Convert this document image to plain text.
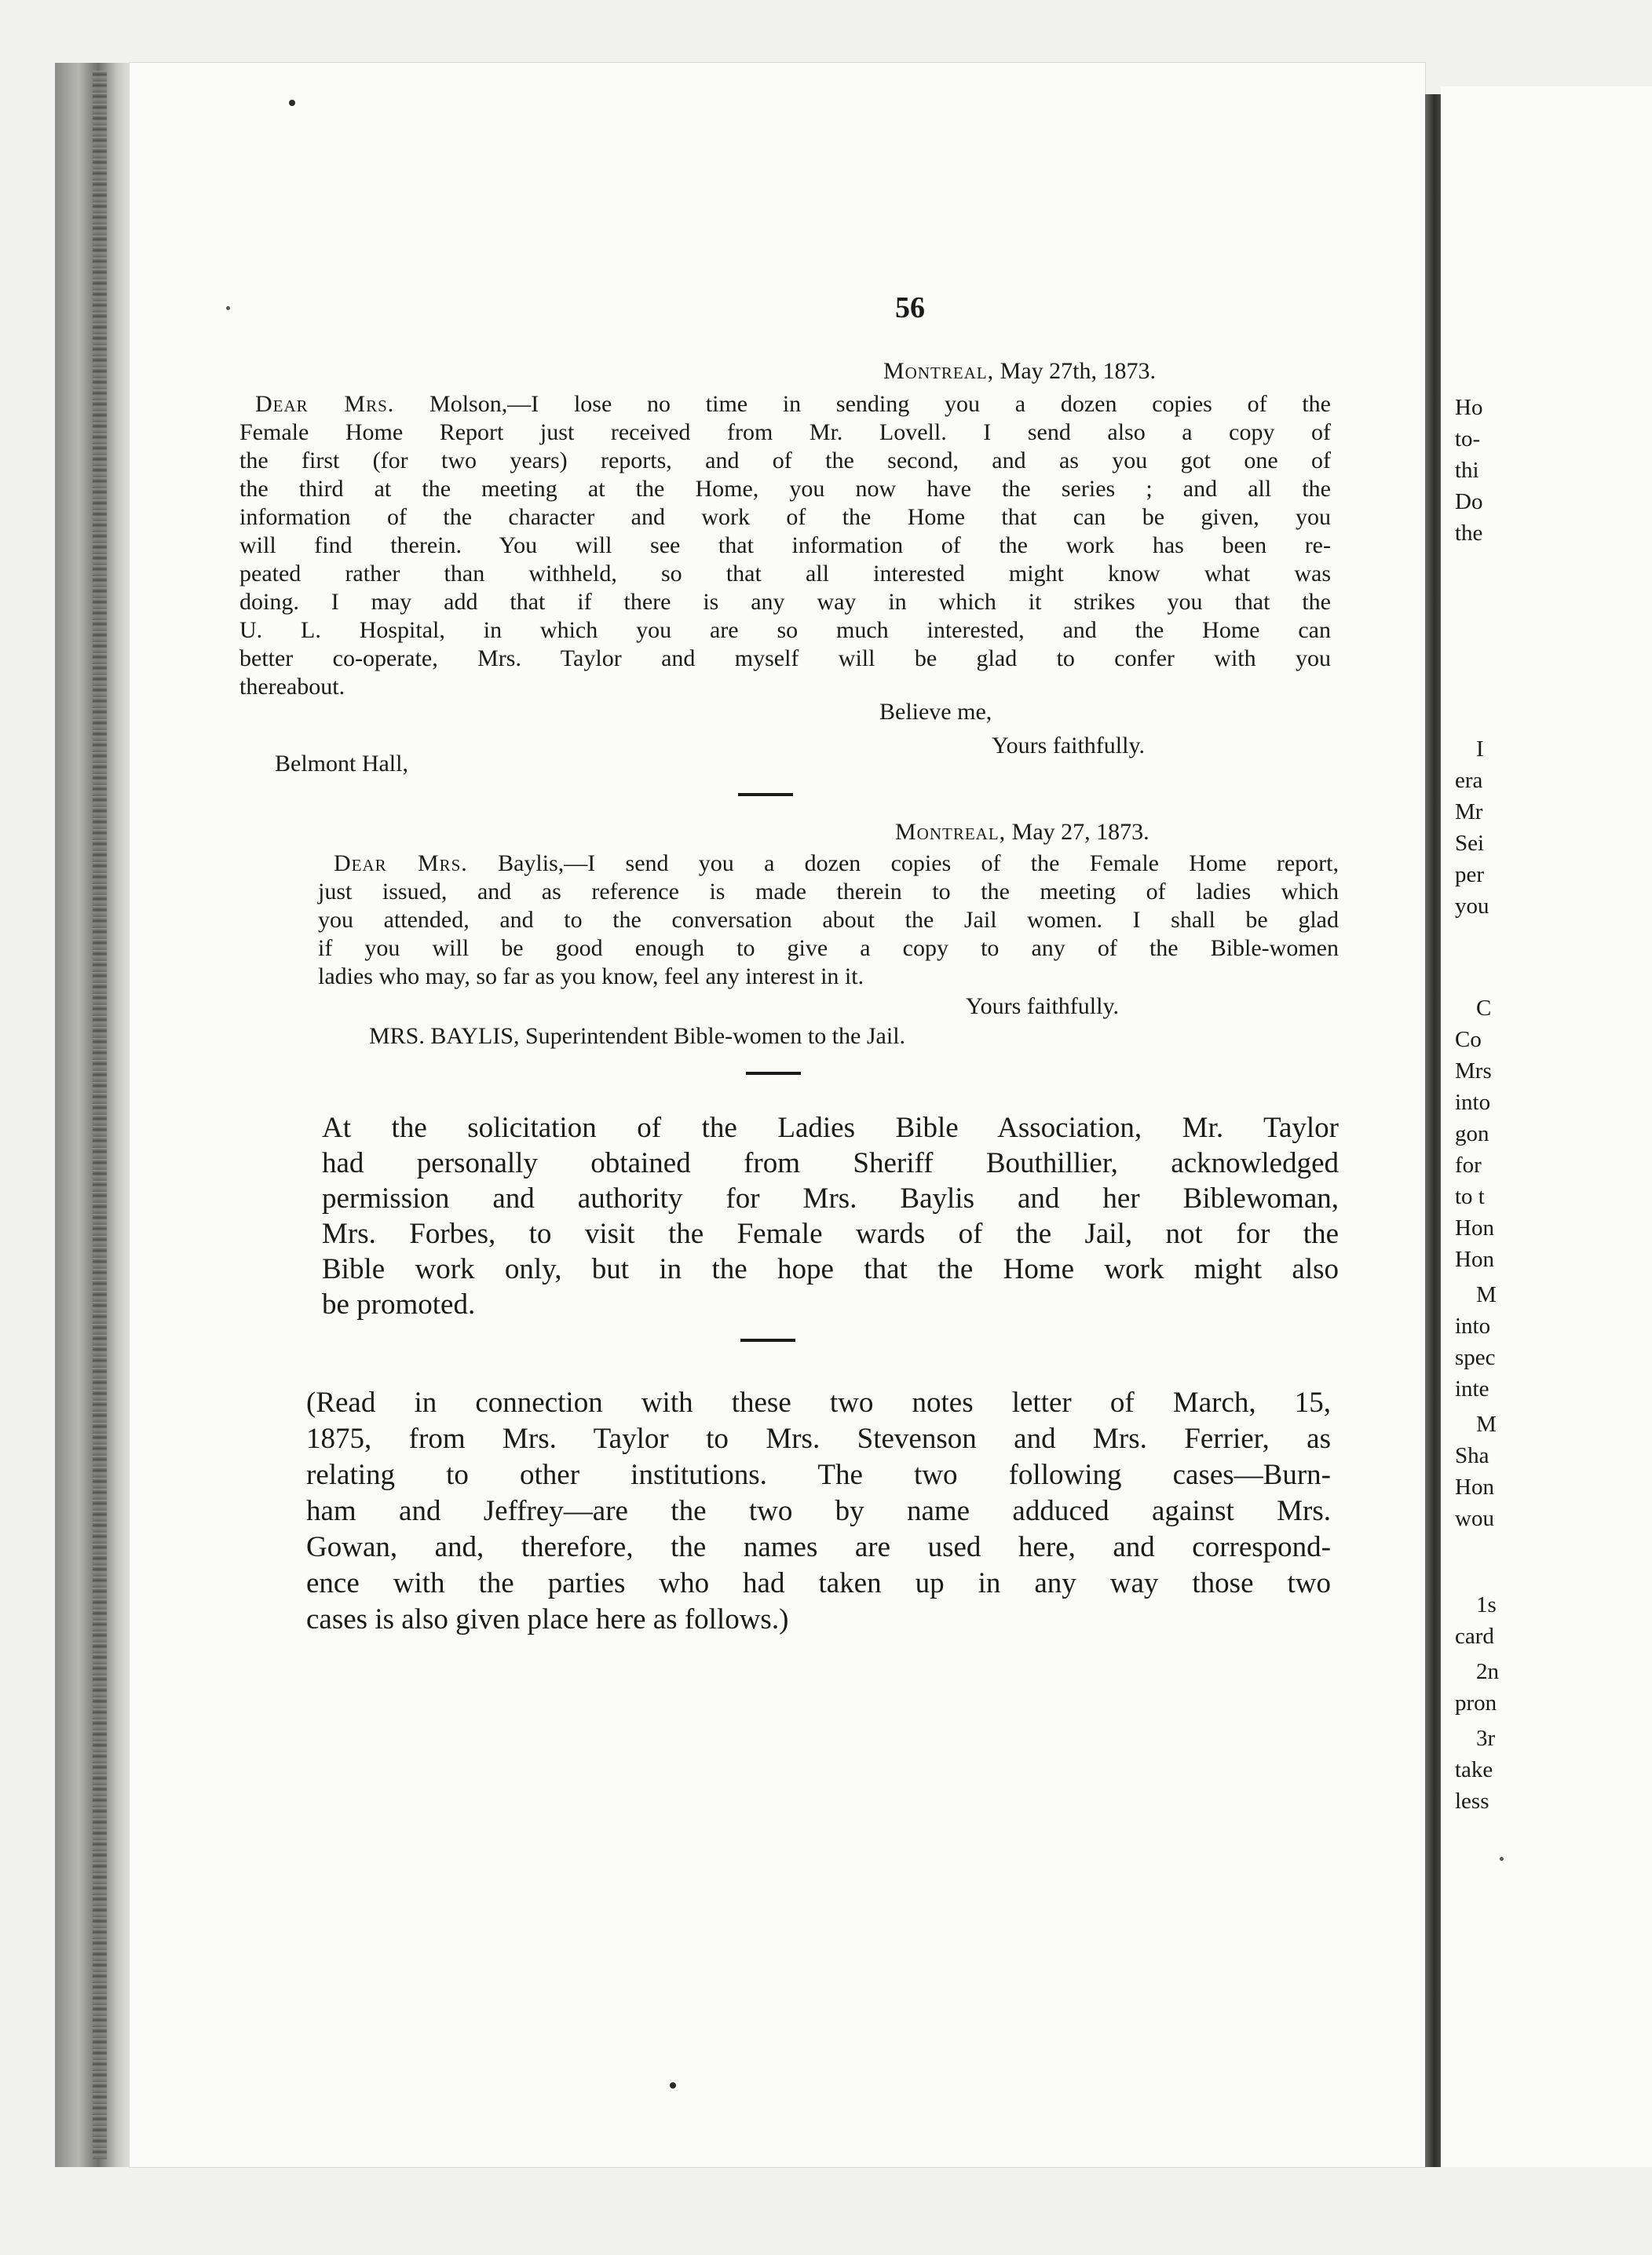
56
Montreal, May 27th, 1873.
Dear Mrs. Molson,—I lose no time in sending you a dozen copies of the
Female Home Report just received from Mr. Lovell. I send also a copy of
the first (for two years) reports, and of the second, and as you got one of
the third at the meeting at the Home, you now have the series ; and all the
information of the character and work of the Home that can be given, you
will find therein. You will see that information of the work has been re-
peated rather than withheld, so that all interested might know what was
doing. I may add that if there is any way in which it strikes you that the
U. L. Hospital, in which you are so much interested, and the Home can
better co-operate, Mrs. Taylor and myself will be glad to confer with you
thereabout.
Believe me,
Yours faithfully.
Belmont Hall,
Montreal, May 27, 1873.
Dear Mrs. Baylis,—I send you a dozen copies of the Female Home report,
just issued, and as reference is made therein to the meeting of ladies which
you attended, and to the conversation about the Jail women. I shall be glad
if you will be good enough to give a copy to any of the Bible-women
ladies who may, so far as you know, feel any interest in it.
Yours faithfully.
MRS. BAYLIS, Superintendent Bible-women to the Jail.
At the solicitation of the Ladies Bible Association, Mr. Taylor
had personally obtained from Sheriff Bouthillier, acknowledged
permission and authority for Mrs. Baylis and her Biblewoman,
Mrs. Forbes, to visit the Female wards of the Jail, not for the
Bible work only, but in the hope that the Home work might also
be promoted.
(Read in connection with these two notes letter of March, 15,
1875, from Mrs. Taylor to Mrs. Stevenson and Mrs. Ferrier, as
relating to other institutions. The two following cases—Burn-
ham and Jeffrey—are the two by name adduced against Mrs.
Gowan, and, therefore, the names are used here, and correspond-
ence with the parties who had taken up in any way those two
cases is also given place here as follows.)
Ho
to-
thi
Do
the
I
era
Mr
Sei
per
you
C
Co
Mrs
into
gon
for
to t
Hon
Hon
M
into
spec
inte
M
Sha
Hon
wou
1s
card
2n
pron
3r
take
less
